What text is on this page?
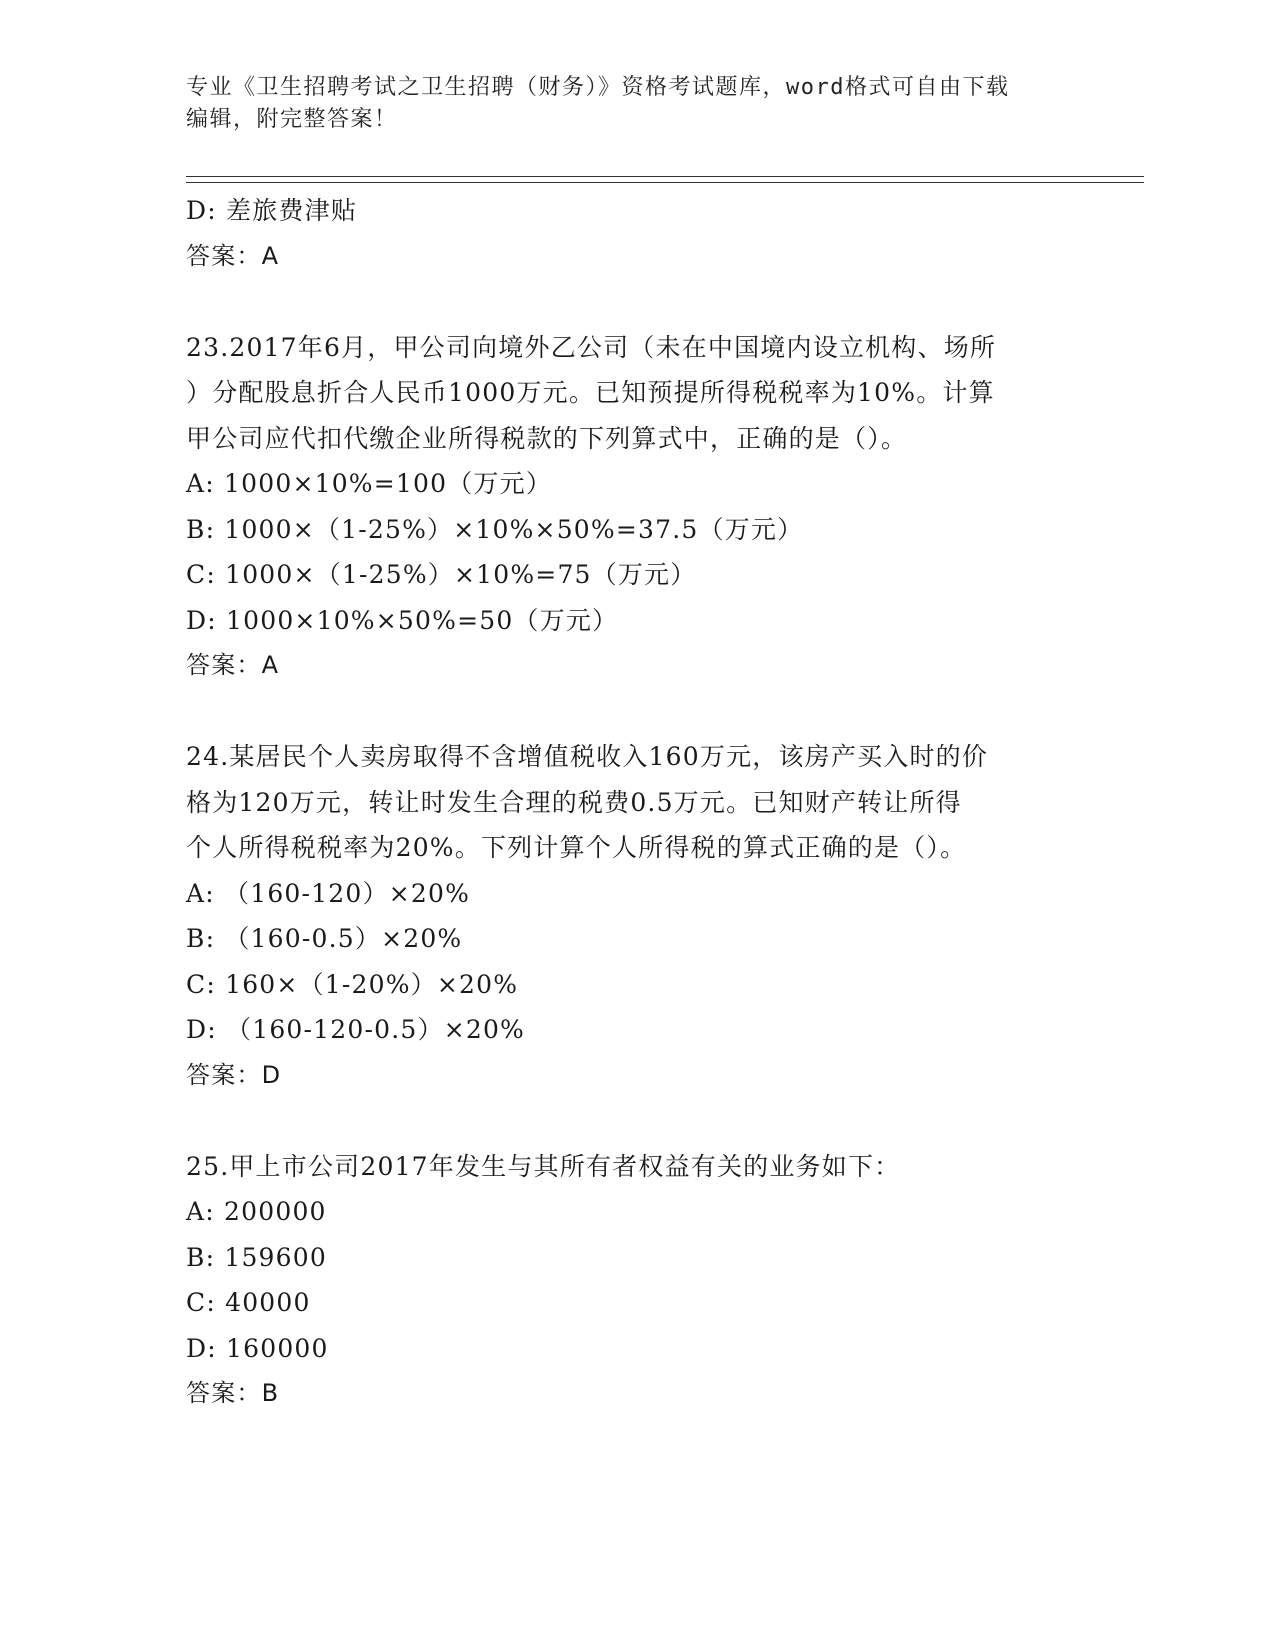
专业《卫生招聘考试之卫生招聘（财务）》资格考试题库，word格式可自由下载
编辑，附完整答案！
D: 差旅费津贴
答案：A
23.2017年6月，甲公司向境外乙公司（未在中国境内设立机构、场所
）分配股息折合人民币1000万元。已知预提所得税税率为10%。计算
甲公司应代扣代缴企业所得税款的下列算式中，正确的是（）。
A: 1000×10%=100（万元）
B: 1000×（1-25%）×10%×50%=37.5（万元）
C: 1000×（1-25%）×10%=75（万元）
D: 1000×10%×50%=50（万元）
答案：A
24.某居民个人卖房取得不含增值税收入160万元，该房产买入时的价
格为120万元，转让时发生合理的税费0.5万元。已知财产转让所得
个人所得税税率为20%。下列计算个人所得税的算式正确的是（）。
A: （160-120）×20%
B: （160-0.5）×20%
C: 160×（1-20%）×20%
D: （160-120-0.5）×20%
答案：D
25.甲上市公司2017年发生与其所有者权益有关的业务如下：
A: 200000
B: 159600
C: 40000
D: 160000
答案：B
